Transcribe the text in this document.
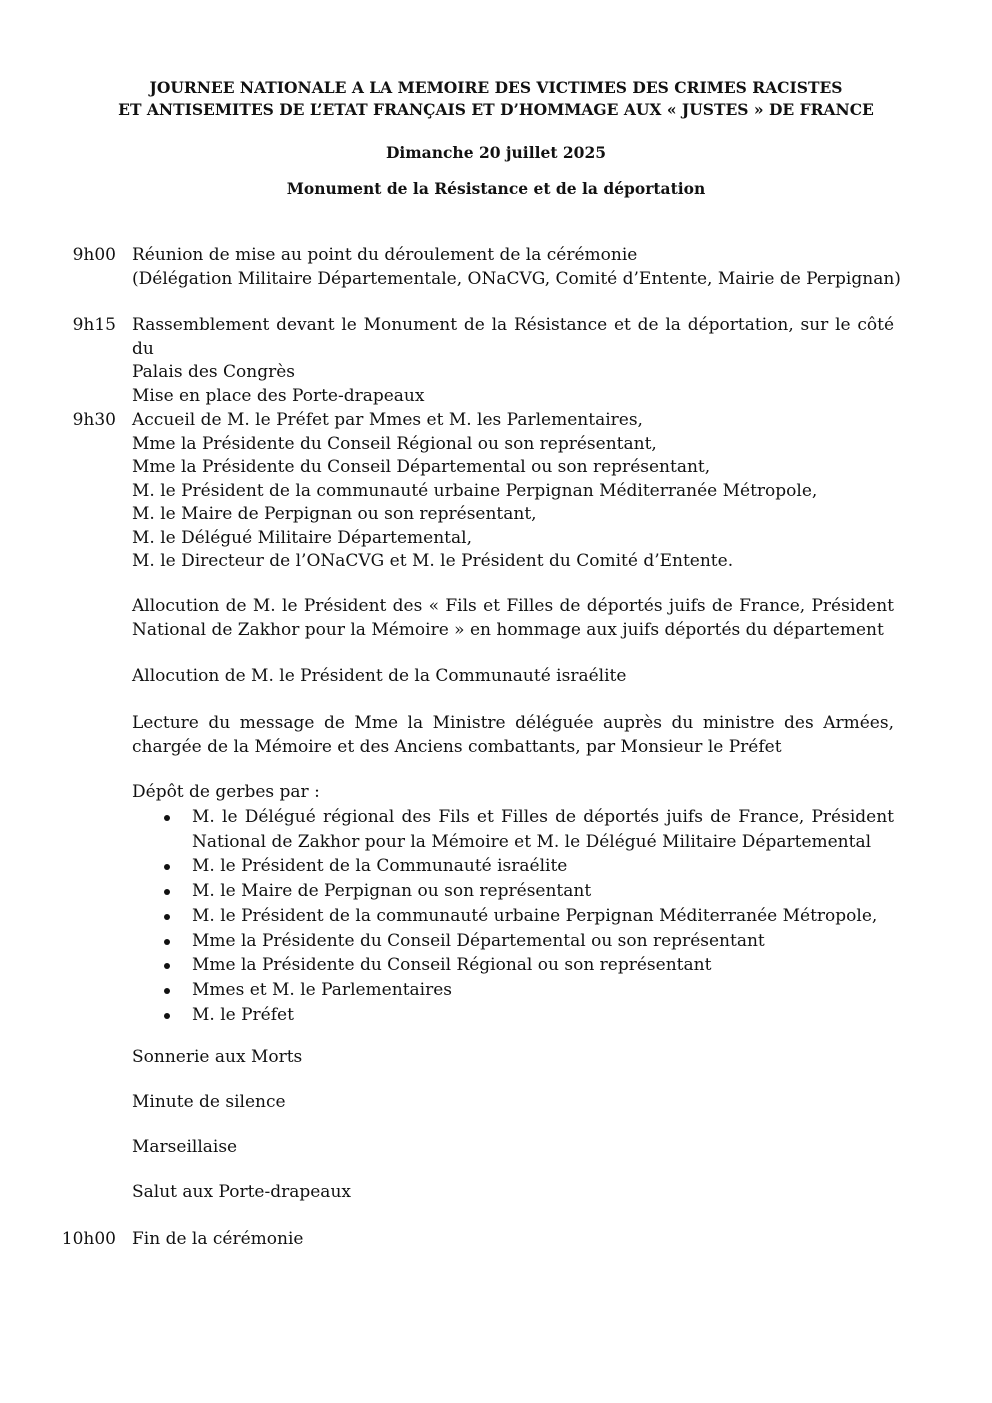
JOURNEE NATIONALE A LA MEMOIRE DES VICTIMES DES CRIMES RACISTES
ET ANTISEMITES DE L’ETAT FRANÇAIS ET D’HOMMAGE AUX « JUSTES » DE FRANCE
Dimanche 20 juillet 2025
Monument de la Résistance et de la déportation
9h00 Réunion de mise au point du déroulement de la cérémonie
(Délégation Militaire Départementale, ONaCVG, Comité d’Entente, Mairie de Perpignan)
9h15 Rassemblement devant le Monument de la Résistance et de la déportation, sur le côté du
Palais des Congrès
Mise en place des Porte-drapeaux
9h30 Accueil de M. le Préfet par Mmes et M. les Parlementaires,
Mme la Présidente du Conseil Régional ou son représentant,
Mme la Présidente du Conseil Départemental ou son représentant,
M. le Président de la communauté urbaine Perpignan Méditerranée Métropole,
M. le Maire de Perpignan ou son représentant,
M. le Délégué Militaire Départemental,
M. le Directeur de l’ONaCVG et M. le Président du Comité d’Entente.
Allocution de M. le Président des « Fils et Filles de déportés juifs de France, Président National de Zakhor pour la Mémoire » en hommage aux juifs déportés du département
Allocution de M. le Président de la Communauté israélite
Lecture du message de Mme la Ministre déléguée auprès du ministre des Armées, chargée de la Mémoire et des Anciens combattants, par Monsieur le Préfet
Dépôt de gerbes par :
M. le Délégué régional des Fils et Filles de déportés juifs de France, Président National de Zakhor pour la Mémoire et M. le Délégué Militaire Départemental
M. le Président de la Communauté israélite
M. le Maire de Perpignan ou son représentant
M. le Président de la communauté urbaine Perpignan Méditerranée Métropole,
Mme la Présidente du Conseil Départemental ou son représentant
Mme la Présidente du Conseil Régional ou son représentant
Mmes et M. le Parlementaires
M. le Préfet
Sonnerie aux Morts
Minute de silence
Marseillaise
Salut aux Porte-drapeaux
10h00 Fin de la cérémonie
